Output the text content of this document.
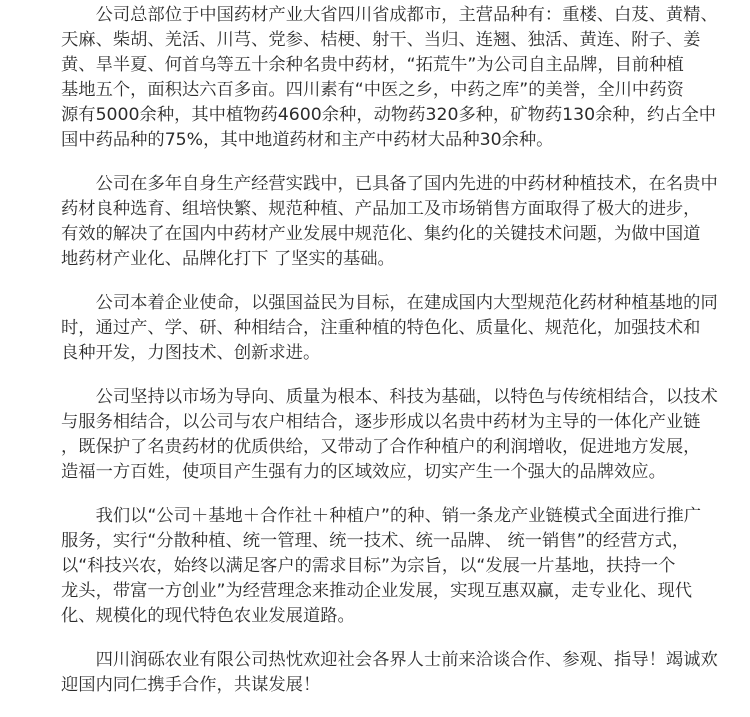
公司总部位于中国药材产业大省四川省成都市，主营品种有：重楼、白芨、黄精、
天麻、柴胡、羌活、川芎、党参、桔梗、射干、当归、连翘、独活、黄连、附子、姜
黄、旱半夏、何首乌等五十余种名贵中药材，“拓荒牛”为公司自主品牌，目前种植
基地五个，面积达六百多亩。四川素有“中医之乡，中药之库”的美誉，全川中药资
源有5000余种，其中植物药4600余种，动物药320多种，矿物药130余种，约占全中
国中药品种的75%，其中地道药材和主产中药材大品种30余种。
公司在多年自身生产经营实践中，已具备了国内先进的中药材种植技术，在名贵中
药材良种选育、组培快繁、规范种植、产品加工及市场销售方面取得了极大的进步，
有效的解决了在国内中药材产业发展中规范化、集约化的关键技术问题，为做中国道
地药材产业化、品牌化打下 了坚实的基础。
公司本着企业使命，以强国益民为目标，在建成国内大型规范化药材种植基地的同
时，通过产、学、研、种相结合，注重种植的特色化、质量化、规范化，加强技术和
良种开发，力图技术、创新求进。
公司坚持以市场为导向、质量为根本、科技为基础，以特色与传统相结合，以技术
与服务相结合，以公司与农户相结合，逐步形成以名贵中药材为主导的一体化产业链
，既保护了名贵药材的优质供给，又带动了合作种植户的利润增收，促进地方发展，
造福一方百姓，使项目产生强有力的区域效应，切实产生一个强大的品牌效应。
我们以“公司＋基地＋合作社＋种植户”的种、销一条龙产业链模式全面进行推广
服务，实行“分散种植、统一管理、统一技术、统一品牌、 统一销售”的经营方式，
以“科技兴农，始终以满足客户的需求目标”为宗旨，以“发展一片基地，扶持一个
龙头，带富一方创业”为经营理念来推动企业发展，实现互惠双赢，走专业化、现代
化、规模化的现代特色农业发展道路。
四川润砾农业有限公司热忱欢迎社会各界人士前来洽谈合作、参观、指导！竭诚欢
迎国内同仁携手合作，共谋发展！
